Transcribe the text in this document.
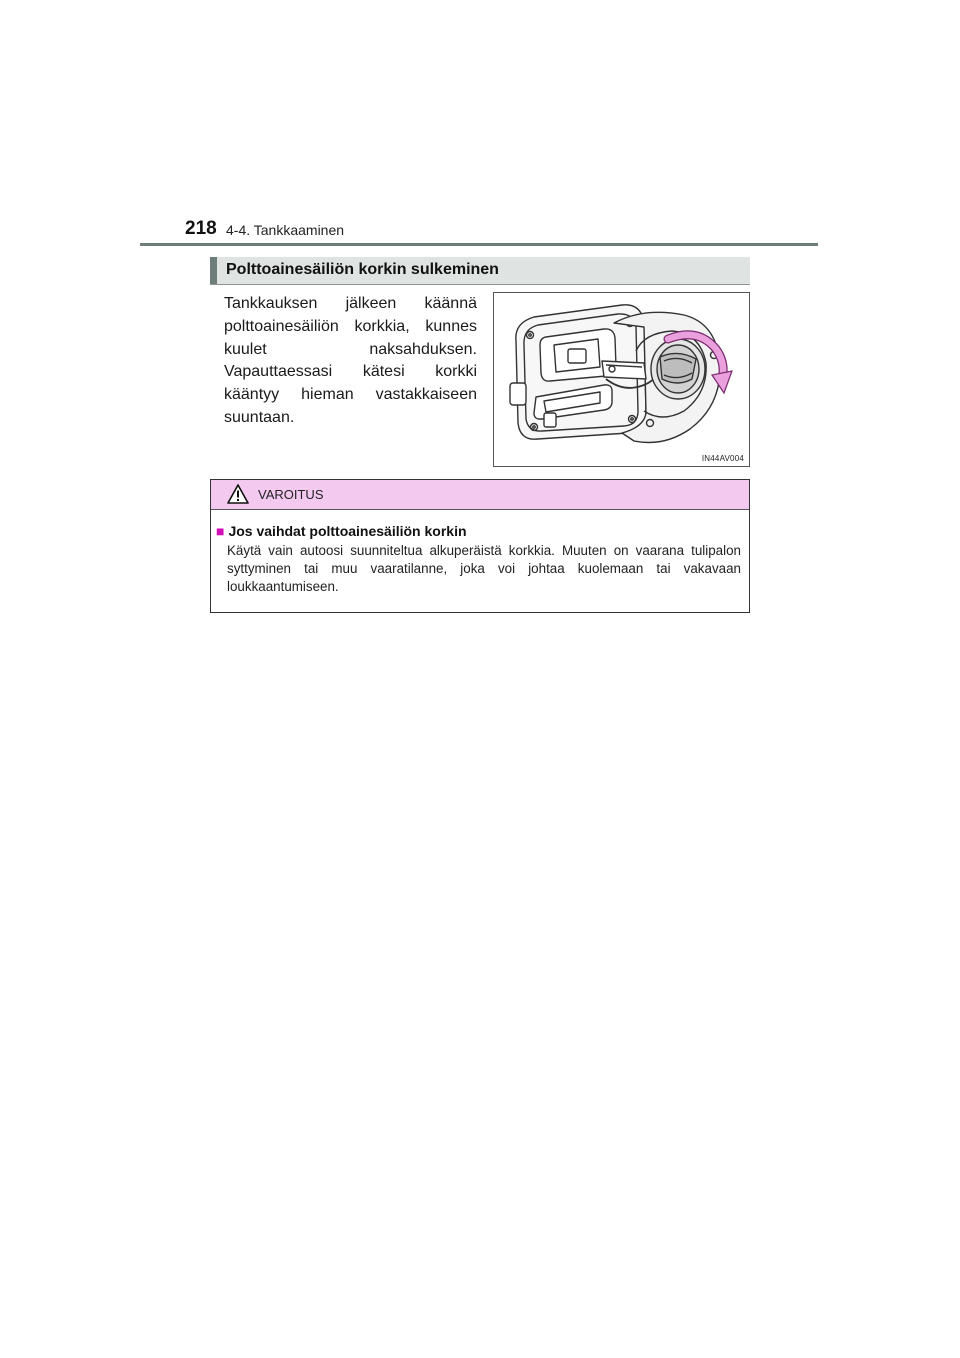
218 4-4. Tankkaaminen
Polttoainesäiliön korkin sulkeminen
Tankkauksen jälkeen käännä polttoainesäiliön korkkia, kunnes kuulet naksahduksen. Vapauttaessasi kätesi korkki kääntyy hieman vastakkaiseen suuntaan.
IN44AV004
VAROITUS
■ Jos vaihdat polttoainesäiliön korkin
Käytä vain autoosi suunniteltua alkuperäistä korkkia. Muuten on vaarana tulipalon syttyminen tai muu vaaratilanne, joka voi johtaa kuolemaan tai vakavaan loukkaantumiseen.
